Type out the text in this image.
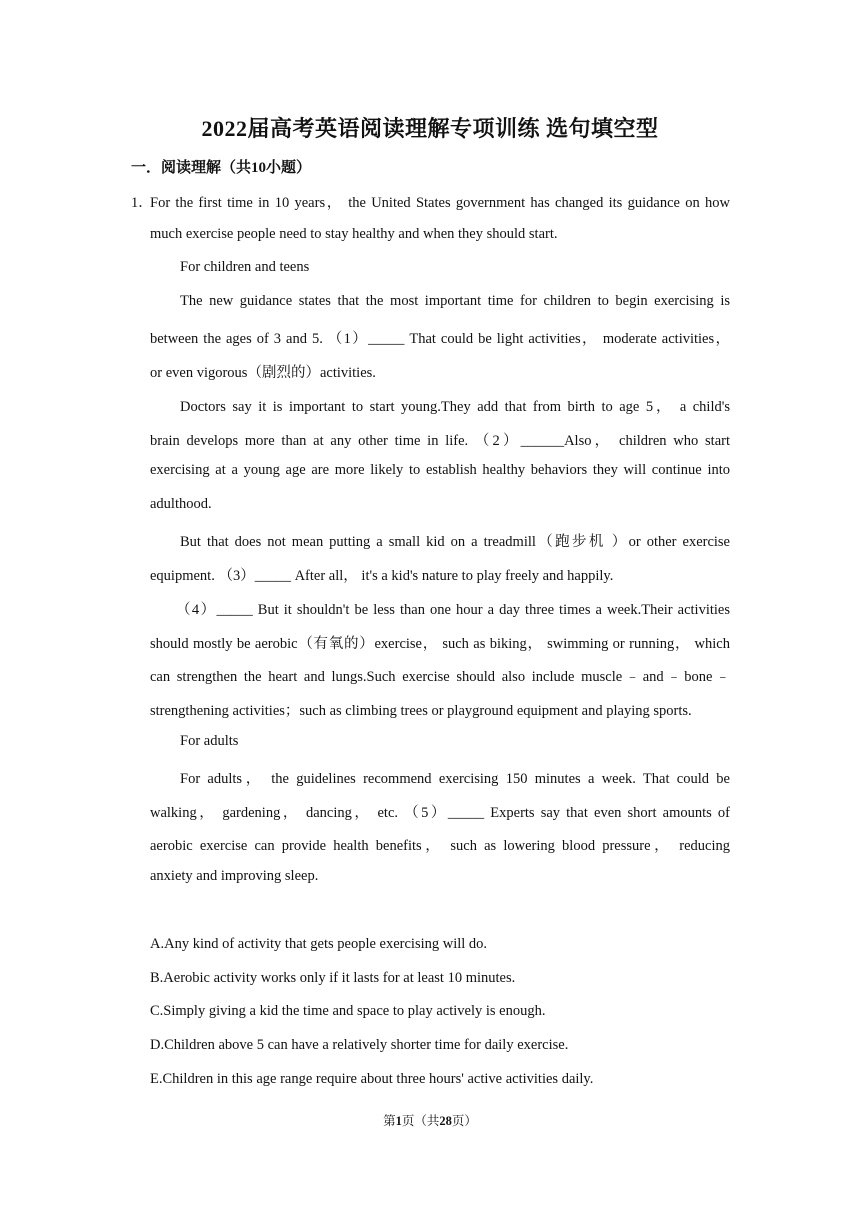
2022届高考英语阅读理解专项训练 选句填空型
一．阅读理解（共10小题）
1．
For the first time in 10 years， the United States government has changed its guidance on how
much exercise people need to stay healthy and when they should start.
For children and teens
The new guidance states that the most important time for children to begin exercising is
between the ages of 3 and 5. （1）_____ That could be light activities， moderate activities，
or even vigorous（剧烈的）activities.
Doctors say it is important to start young.They add that from birth to age 5， a child's
brain develops more than at any other time in life. （2）______Also， children who start
exercising at a young age are more likely to establish healthy behaviors they will continue into
adulthood.
But that does not mean putting a small kid on a treadmill（跑步机 ）or other exercise
equipment. （3）_____ After all， it's a kid's nature to play freely and happily.
（4）_____ But it shouldn't be less than one hour a day three times a week.Their activities
should mostly be aerobic（有氧的）exercise， such as biking， swimming or running， which
can strengthen the heart and lungs.Such exercise should also include muscle﹣and﹣bone﹣
strengthening activities；such as climbing trees or playground equipment and playing sports.
For adults
For adults， the guidelines recommend exercising 150 minutes a week. That could be
walking， gardening， dancing， etc. （5）_____ Experts say that even short amounts of
aerobic exercise can provide health benefits， such as lowering blood pressure， reducing
anxiety and improving sleep.
A.Any kind of activity that gets people exercising will do.
B.Aerobic activity works only if it lasts for at least 10 minutes.
C.Simply giving a kid the time and space to play actively is enough.
D.Children above 5 can have a relatively shorter time for daily exercise.
E.Children in this age range require about three hours' active activities daily.
第1页（共28页）
